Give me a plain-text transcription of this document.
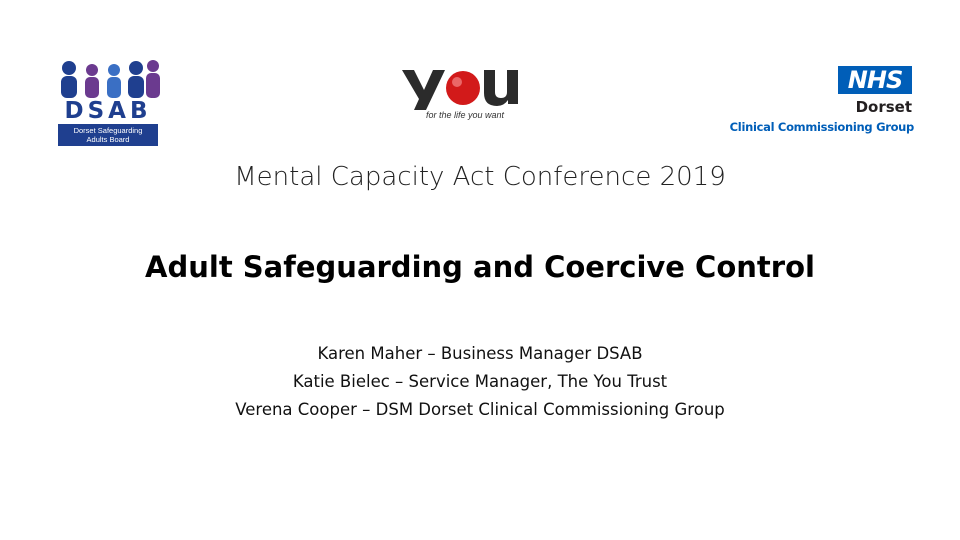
DSAB
Dorset Safeguarding
Adults Board
for the life you want
NHS
Dorset
Clinical Commissioning Group
Mental Capacity Act Conference 2019
Adult Safeguarding and Coercive Control
Karen Maher – Business Manager DSAB
Katie Bielec – Service Manager, The You Trust
Verena Cooper – DSM Dorset Clinical Commissioning Group
